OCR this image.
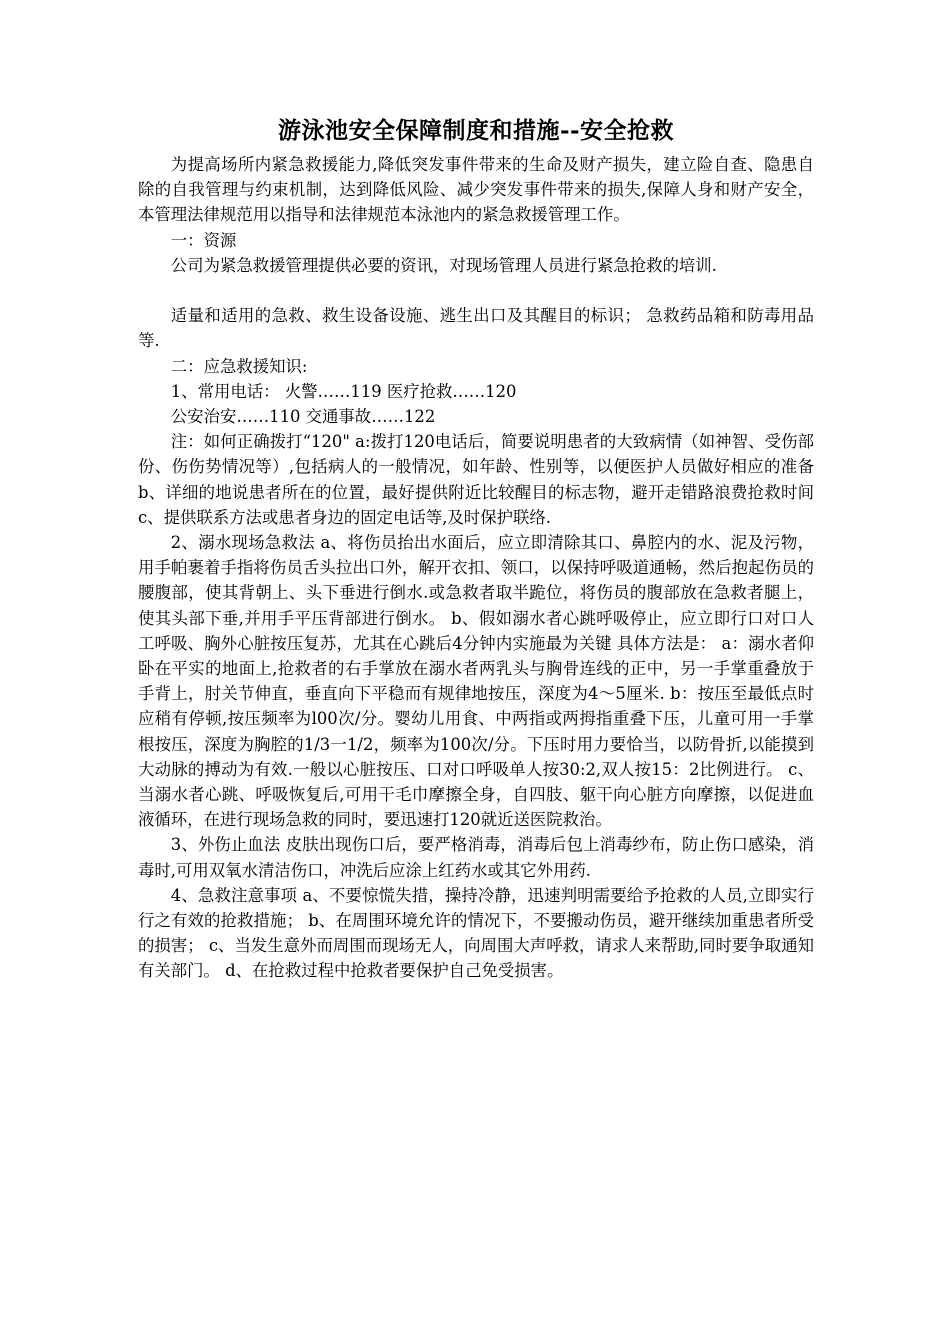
游泳池安全保障制度和措施--安全抢救

为提高场所内紧急救援能力,降低突发事件带来的生命及财产损失，建立险自查、隐患自除的自我管理与约束机制，达到降低风险、减少突发事件带来的损失,保障人身和财产安全，本管理法律规范用以指导和法律规范本泳池内的紧急救援管理工作。

一：资源

公司为紧急救援管理提供必要的资讯，对现场管理人员进行紧急抢救的培训.

适量和适用的急救、救生设备设施、逃生出口及其醒目的标识； 急救药品箱和防毒用品等.

二：应急救援知识:

1、常用电话： 火警……119 医疗抢救……120

公安治安……110 交通事故……122

注：如何正确拨打“120" a:拨打120电话后，简要说明患者的大致病情（如神智、受伤部份、伤伤势情况等）,包括病人的一般情况，如年龄、性别等，以便医护人员做好相应的准备 b、详细的地说患者所在的位置，最好提供附近比较醒目的标志物，避开走错路浪费抢救时间 c、提供联系方法或患者身边的固定电话等,及时保护联络.

2、溺水现场急救法 a、将伤员抬出水面后，应立即清除其口、鼻腔内的水、泥及污物，用手帕裹着手指将伤员舌头拉出口外，解开衣扣、领口，以保持呼吸道通畅，然后抱起伤员的腰腹部，使其背朝上、头下垂进行倒水.或急救者取半跪位，将伤员的腹部放在急救者腿上，使其头部下垂,并用手平压背部进行倒水。 b、假如溺水者心跳呼吸停止，应立即行口对口人工呼吸、胸外心脏按压复苏，尤其在心跳后4分钟内实施最为关键 具体方法是： a：溺水者仰卧在平实的地面上,抢救者的右手掌放在溺水者两乳头与胸骨连线的正中，另一手掌重叠放于手背上，肘关节伸直，垂直向下平稳而有规律地按压，深度为4～5厘米. b：按压至最低点时应稍有停顿,按压频率为l00次/分。婴幼儿用食、中两指或两拇指重叠下压，儿童可用一手掌根按压，深度为胸腔的1/3一1/2，频率为100次/分。下压时用力要恰当，以防骨折,以能摸到大动脉的搏动为有效.一般以心脏按压、口对口呼吸单人按30:2,双人按15：2比例进行。 c、当溺水者心跳、呼吸恢复后,可用干毛巾摩擦全身，自四肢、躯干向心脏方向摩擦，以促进血液循环，在进行现场急救的同时，要迅速打120就近送医院救治。

3、外伤止血法 皮肤出现伤口后，要严格消毒，消毒后包上消毒纱布，防止伤口感染，消毒时,可用双氧水清洁伤口，冲洗后应涂上红药水或其它外用药.

4、急救注意事项 a、不要惊慌失措，操持冷静，迅速判明需要给予抢救的人员,立即实行行之有效的抢救措施； b、在周围环境允许的情况下，不要搬动伤员，避开继续加重患者所受的损害； c、当发生意外而周围而现场无人，向周围大声呼救，请求人来帮助,同时要争取通知有关部门。 d、在抢救过程中抢救者要保护自己免受损害。
